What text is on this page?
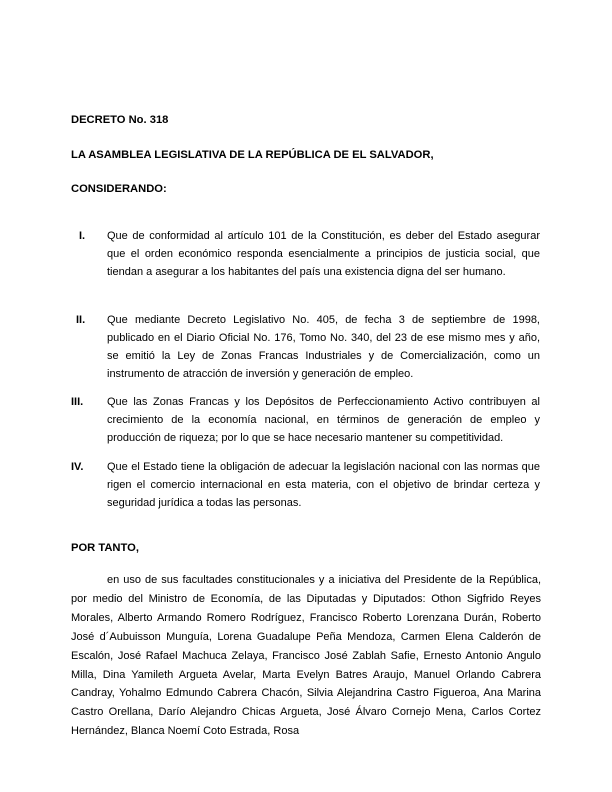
DECRETO No. 318
LA ASAMBLEA LEGISLATIVA DE LA REPÚBLICA DE EL SALVADOR,
CONSIDERANDO:
I.	Que de conformidad al artículo 101 de la Constitución, es deber del Estado asegurar que el orden económico responda esencialmente a principios de justicia social, que tiendan a asegurar a los habitantes del país una existencia digna del ser humano.
II.	Que mediante Decreto Legislativo No. 405, de fecha 3 de septiembre de 1998, publicado en el Diario Oficial No. 176, Tomo No. 340, del 23 de ese mismo mes y año, se emitió la Ley de Zonas Francas Industriales y de Comercialización, como un instrumento de atracción de inversión y generación de empleo.
III.	Que las Zonas Francas y los Depósitos de Perfeccionamiento Activo contribuyen al crecimiento de la economía nacional, en términos de generación de empleo y producción de riqueza; por lo que se hace necesario mantener su competitividad.
IV.	Que el Estado tiene la obligación de adecuar la legislación nacional con las normas que rigen el comercio internacional en esta materia, con el objetivo de brindar certeza y seguridad jurídica a todas las personas.
POR TANTO,
en uso de sus facultades constitucionales y a iniciativa del Presidente de la República, por medio del Ministro de Economía, de las Diputadas y Diputados: Othon Sigfrido Reyes Morales, Alberto Armando Romero Rodríguez, Francisco Roberto Lorenzana Durán, Roberto José d´Aubuisson Munguía, Lorena Guadalupe Peña Mendoza, Carmen Elena Calderón de Escalón, José Rafael Machuca Zelaya, Francisco José Zablah Safie, Ernesto Antonio Angulo Milla, Dina Yamileth Argueta Avelar, Marta Evelyn Batres Araujo, Manuel Orlando Cabrera Candray, Yohalmo Edmundo Cabrera Chacón, Silvia Alejandrina Castro Figueroa, Ana Marina Castro Orellana, Darío Alejandro Chicas Argueta, José Álvaro Cornejo Mena, Carlos Cortez Hernández, Blanca Noemí Coto Estrada, Rosa
